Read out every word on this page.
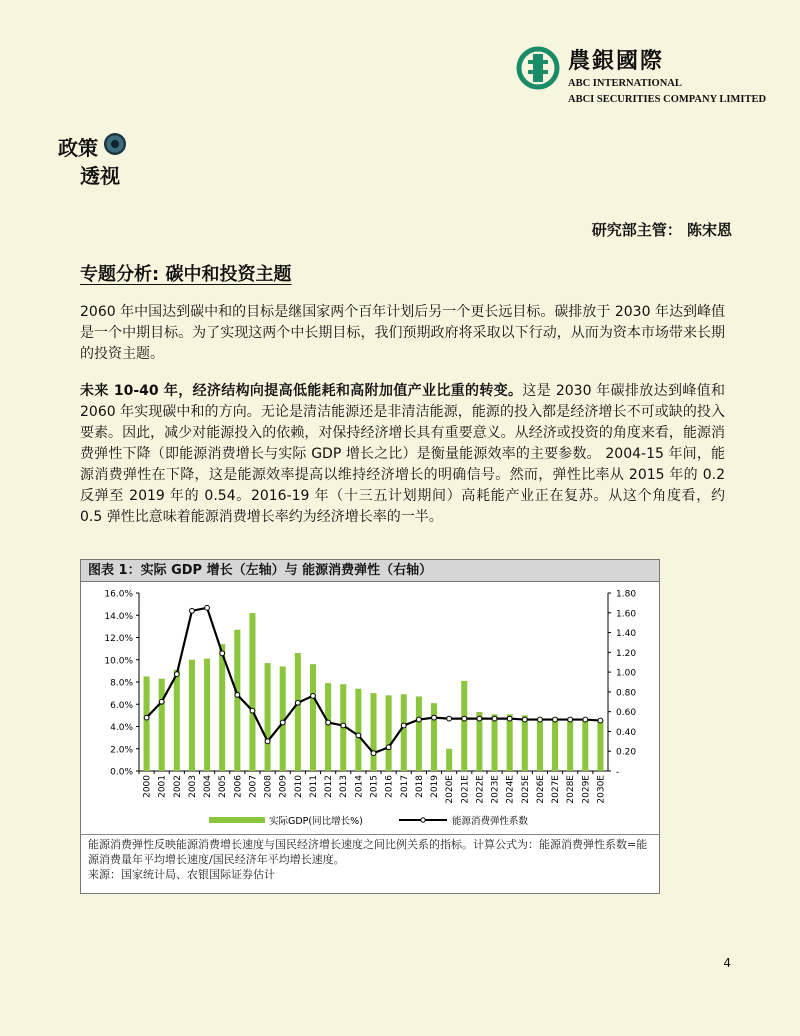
農銀國際
ABC INTERNATIONAL
ABCI SECURITIES COMPANY LIMITED
政策
透视
研究部主管： 陈宋恩
专题分析: 碳中和投资主题
2060 年中国达到碳中和的目标是继国家两个百年计划后另一个更长远目标。碳排放于 2030 年达到峰值是一个中期目标。为了实现这两个中长期目标，我们预期政府将采取以下行动，从而为资本市场带来长期的投资主题。
未来 10-40 年，经济结构向提高低能耗和高附加值产业比重的转变。这是 2030 年碳排放达到峰值和 2060 年实现碳中和的方向。无论是清洁能源还是非清洁能源，能源的投入都是经济增长不可或缺的投入要素。因此，减少对能源投入的依赖，对保持经济增长具有重要意义。从经济或投资的角度来看，能源消费弹性下降（即能源消费增长与实际 GDP 增长之比）是衡量能源效率的主要参数。 2004-15 年间，能源消费弹性在下降，这是能源效率提高以维持经济增长的明确信号。然而，弹性比率从 2015 年的 0.2 反弹至 2019 年的 0.54。2016-19 年（十三五计划期间）高耗能产业正在复苏。从这个角度看，约 0.5 弹性比意味着能源消费增长率约为经济增长率的一半。
图表 1：实际 GDP 增长（左轴）与 能源消费弹性（右轴）
0.0%
2.0%
4.0%
6.0%
8.0%
10.0%
12.0%
14.0%
16.0%
-
0.20
0.40
0.60
0.80
1.00
1.20
1.40
1.60
1.80
2000 2001 2002 2003 2004 2005 2006 2007 2008 2009 2010 2011 2012 2013 2014 2015 2016 2017 2018 2019 2020E 2021E 2022E 2023E 2024E 2025E 2026E 2027E 2028E 2029E 2030E
实际GDP(同比增长%)	能源消费弹性系数
能源消费弹性反映能源消费增长速度与国民经济增长速度之间比例关系的指标。计算公式为：能源消费弹性系数=能源消费量年平均增长速度/国民经济年平均增长速度。
来源：国家统计局、农银国际证券估计
4
